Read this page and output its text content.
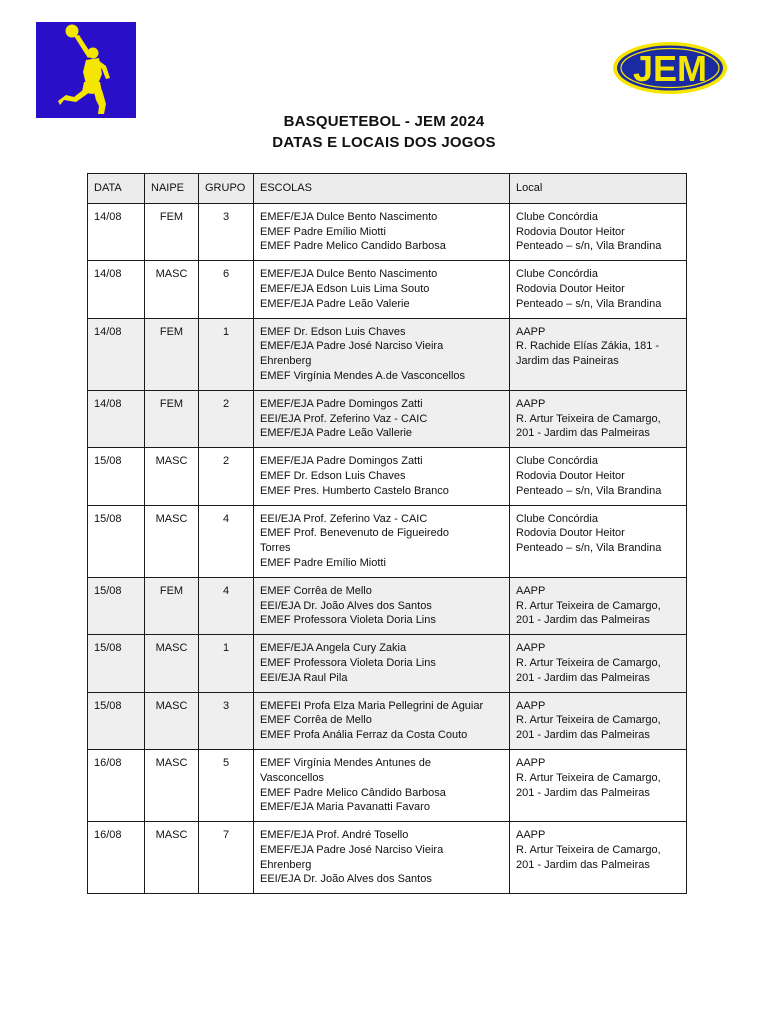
JEM
BASQUETEBOL - JEM 2024
DATAS E LOCAIS DOS JOGOS
DATA	NAIPE	GRUPO	ESCOLAS	Local
14/08	FEM	3	EMEF/EJA Dulce Bento Nascimento
EMEF Padre Emílio Miotti
EMEF Padre Melico Candido Barbosa	Clube Concórdia
Rodovia Doutor Heitor
Penteado – s/n, Vila Brandina

14/08	MASC	6	EMEF/EJA Dulce Bento Nascimento
EMEF/EJA Edson Luis Lima Souto
EMEF/EJA Padre Leão Valerie	Clube Concórdia
Rodovia Doutor Heitor
Penteado – s/n, Vila Brandina

14/08	FEM	1	EMEF Dr. Edson Luis Chaves
EMEF/EJA Padre José Narciso Vieira
Ehrenberg
EMEF Virgínia Mendes A.de Vasconcellos	AAPP
R. Rachide Elías Zákia, 181 -
Jardim das Paineiras

14/08	FEM	2	EMEF/EJA Padre Domingos Zatti
EEI/EJA Prof. Zeferino Vaz - CAIC
EMEF/EJA Padre Leão Vallerie	AAPP
R. Artur Teixeira de Camargo,
201 - Jardim das Palmeiras

15/08	MASC	2	EMEF/EJA Padre Domingos Zatti
EMEF Dr. Edson Luis Chaves
EMEF Pres. Humberto Castelo Branco	Clube Concórdia
Rodovia Doutor Heitor
Penteado – s/n, Vila Brandina

15/08	MASC	4	EEI/EJA Prof. Zeferino Vaz - CAIC
EMEF Prof. Benevenuto de Figueiredo
Torres
EMEF Padre Emílio Miotti	Clube Concórdia
Rodovia Doutor Heitor
Penteado – s/n, Vila Brandina

15/08	FEM	4	EMEF Corrêa de Mello
EEI/EJA Dr. João Alves dos Santos
EMEF Professora Violeta Doria Lins	AAPP
R. Artur Teixeira de Camargo,
201 - Jardim das Palmeiras

15/08	MASC	1	EMEF/EJA Angela Cury Zakia
EMEF Professora Violeta Doria Lins
EEI/EJA Raul Pila	AAPP
R. Artur Teixeira de Camargo,
201 - Jardim das Palmeiras

15/08	MASC	3	EMEFEI Profa Elza Maria Pellegrini de Aguiar
EMEF Corrêa de Mello
EMEF Profa Anália Ferraz da Costa Couto	AAPP
R. Artur Teixeira de Camargo,
201 - Jardim das Palmeiras

16/08	MASC	5	EMEF Virgínia Mendes Antunes de
Vasconcellos
EMEF Padre Melico Cândido Barbosa
EMEF/EJA Maria Pavanatti Favaro	AAPP
R. Artur Teixeira de Camargo,
201 - Jardim das Palmeiras

16/08	MASC	7	EMEF/EJA Prof. André Tosello
EMEF/EJA Padre José Narciso Vieira
Ehrenberg
EEI/EJA Dr. João Alves dos Santos	AAPP
R. Artur Teixeira de Camargo,
201 - Jardim das Palmeiras
